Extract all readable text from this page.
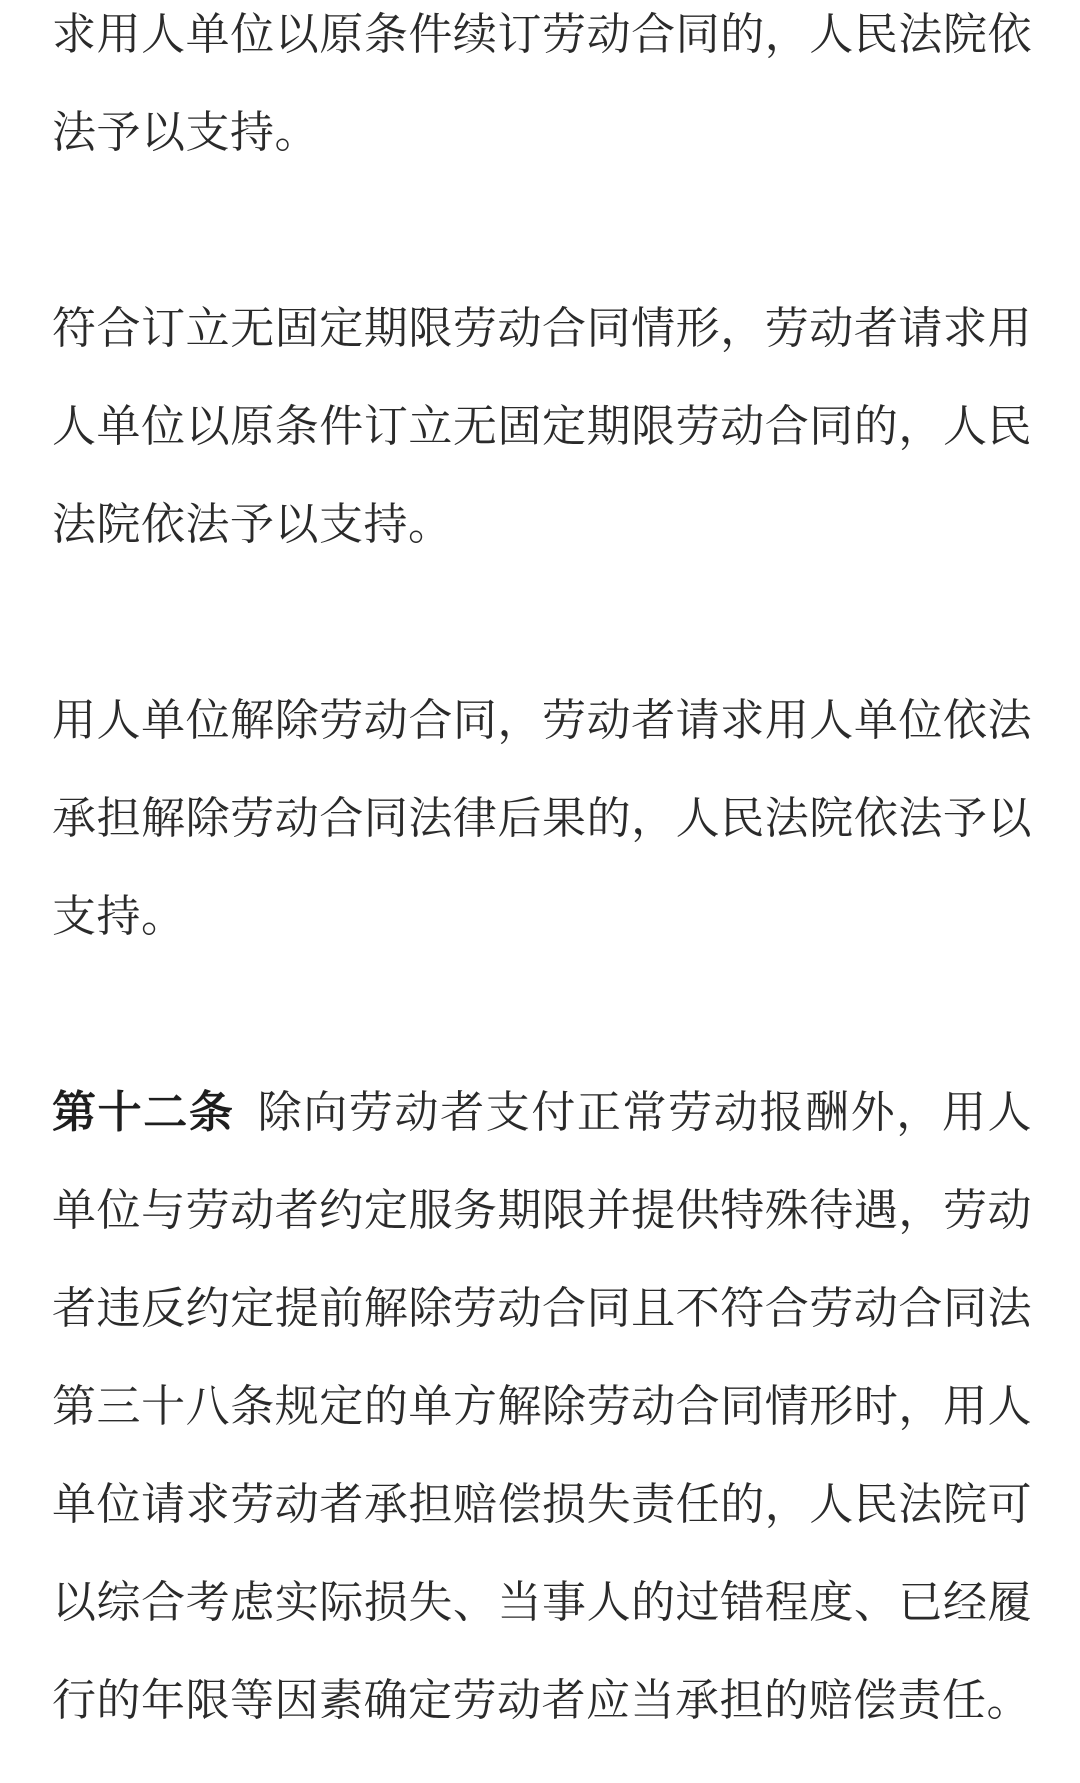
求用人单位以原条件续订劳动合同的，人民法院依法予以支持。

符合订立无固定期限劳动合同情形，劳动者请求用人单位以原条件订立无固定期限劳动合同的，人民法院依法予以支持。

用人单位解除劳动合同，劳动者请求用人单位依法承担解除劳动合同法律后果的，人民法院依法予以支持。

第十二条 除向劳动者支付正常劳动报酬外，用人单位与劳动者约定服务期限并提供特殊待遇，劳动者违反约定提前解除劳动合同且不符合劳动合同法第三十八条规定的单方解除劳动合同情形时，用人单位请求劳动者承担赔偿损失责任的，人民法院可以综合考虑实际损失、当事人的过错程度、已经履行的年限等因素确定劳动者应当承担的赔偿责任。
